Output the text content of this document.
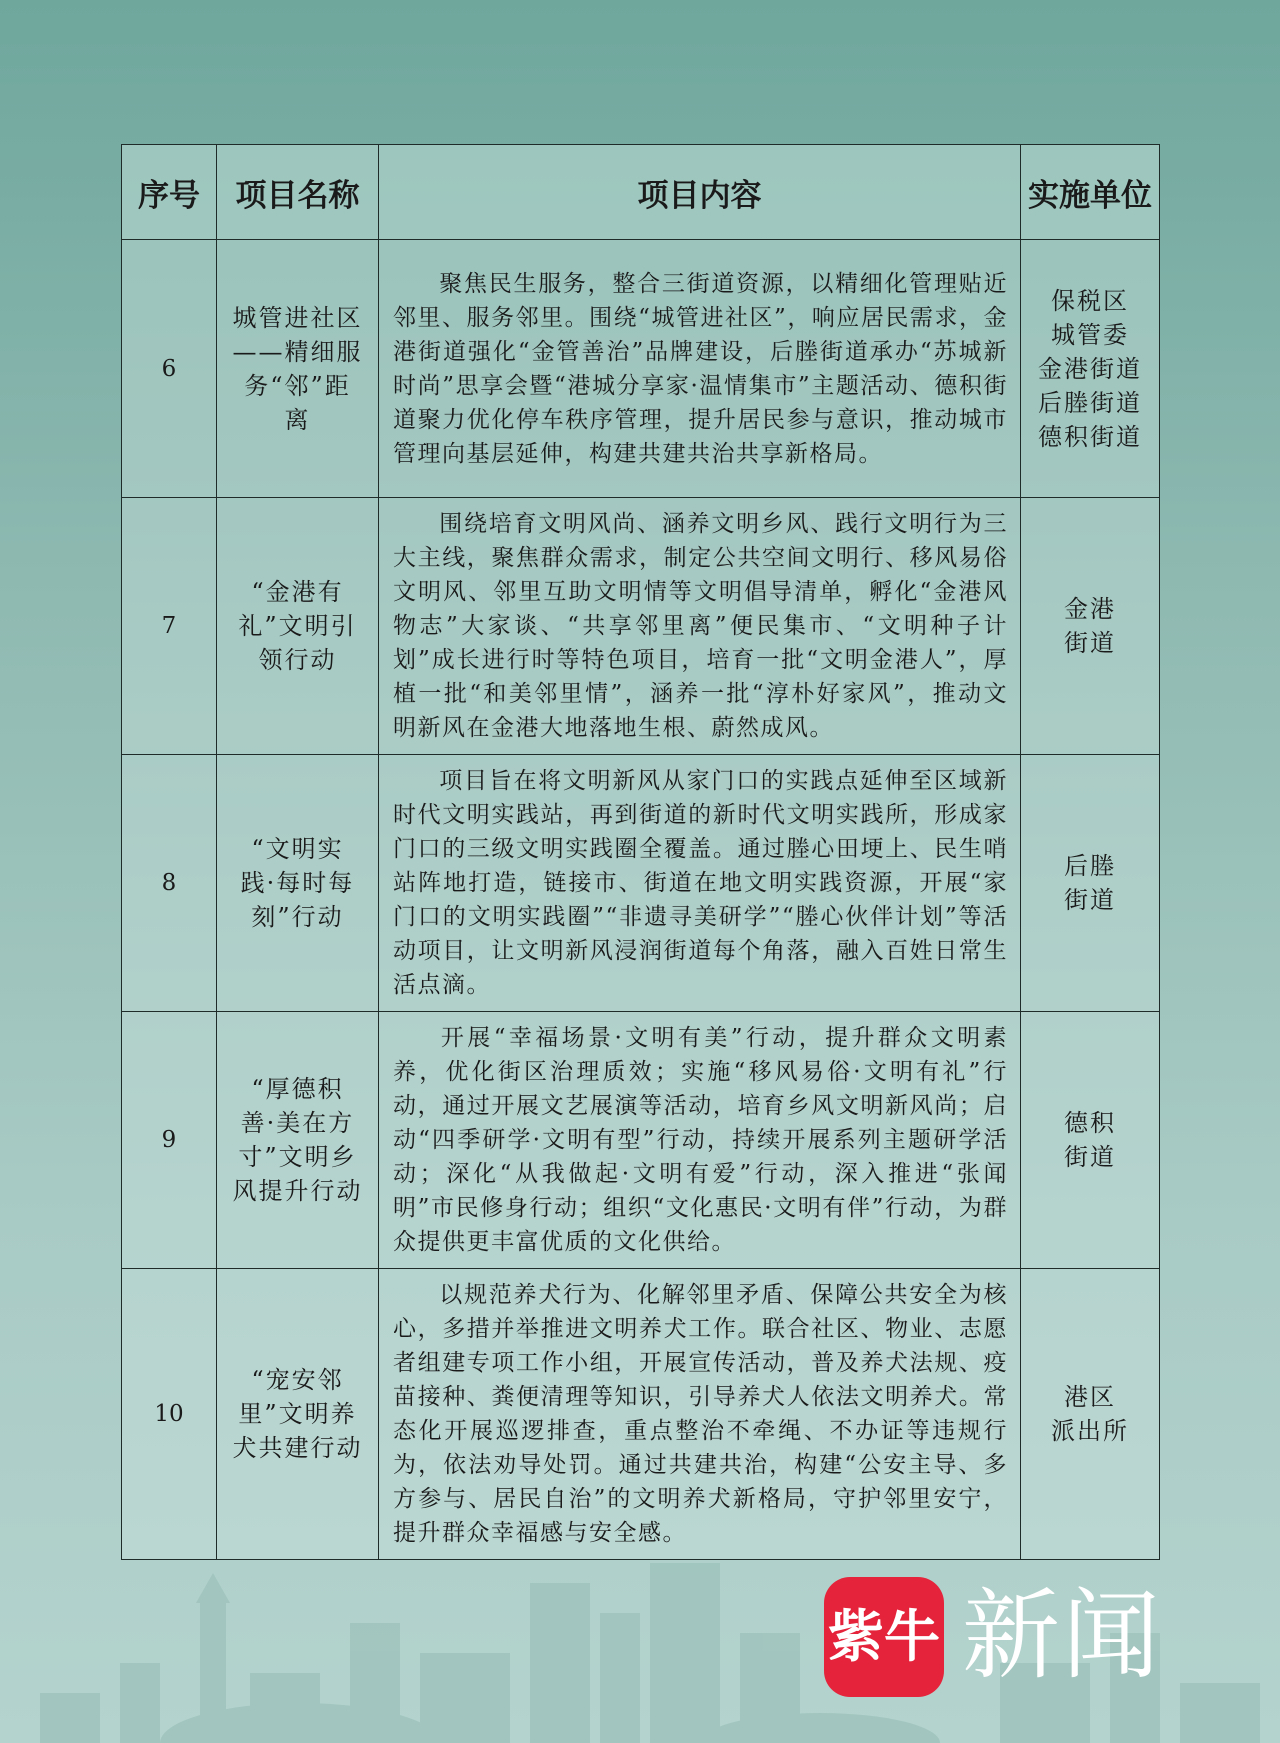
序号	项目名称	项目内容	实施单位
6	城管进社区
——精细服
务“邻”距
离	聚焦民生服务，整合三街道资源，以精细化管理贴近邻里、服务邻里。围绕“城管进社区”，响应居民需求，金港街道强化“金管善治”品牌建设，后塍街道承办“苏城新时尚”思享会暨“港城分享家·温情集市”主题活动、德积街道聚力优化停车秩序管理，提升居民参与意识，推动城市管理向基层延伸，构建共建共治共享新格局。	保税区
城管委
金港街道
后塍街道
德积街道
7	“金港有
礼”文明引
领行动	围绕培育文明风尚、涵养文明乡风、践行文明行为三大主线，聚焦群众需求，制定公共空间文明行、移风易俗文明风、邻里互助文明情等文明倡导清单，孵化“金港风物志”大家谈、“共享邻里离”便民集市、“文明种子计划”成长进行时等特色项目，培育一批“文明金港人”，厚植一批“和美邻里情”，涵养一批“淳朴好家风”，推动文明新风在金港大地落地生根、蔚然成风。	金港
街道
8	“文明实
践·每时每
刻”行动	项目旨在将文明新风从家门口的实践点延伸至区域新时代文明实践站，再到街道的新时代文明实践所，形成家门口的三级文明实践圈全覆盖。通过塍心田埂上、民生哨站阵地打造，链接市、街道在地文明实践资源，开展“家门口的文明实践圈”“非遗寻美研学”“塍心伙伴计划”等活动项目，让文明新风浸润街道每个角落，融入百姓日常生活点滴。	后塍
街道
9	“厚德积
善·美在方
寸”文明乡
风提升行动	开展“幸福场景·文明有美”行动，提升群众文明素养，优化街区治理质效；实施“移风易俗·文明有礼”行动，通过开展文艺展演等活动，培育乡风文明新风尚；启动“四季研学·文明有型”行动，持续开展系列主题研学活动；深化“从我做起·文明有爱”行动，深入推进“张闻明”市民修身行动；组织“文化惠民·文明有伴”行动，为群众提供更丰富优质的文化供给。	德积
街道
10	“宠安邻
里”文明养
犬共建行动	以规范养犬行为、化解邻里矛盾、保障公共安全为核心，多措并举推进文明养犬工作。联合社区、物业、志愿者组建专项工作小组，开展宣传活动，普及养犬法规、疫苗接种、粪便清理等知识，引导养犬人依法文明养犬。常态化开展巡逻排查，重点整治不牵绳、不办证等违规行为，依法劝导处罚。通过共建共治，构建“公安主导、多方参与、居民自治”的文明养犬新格局，守护邻里安宁，提升群众幸福感与安全感。	港区
派出所
紫牛 新闻
